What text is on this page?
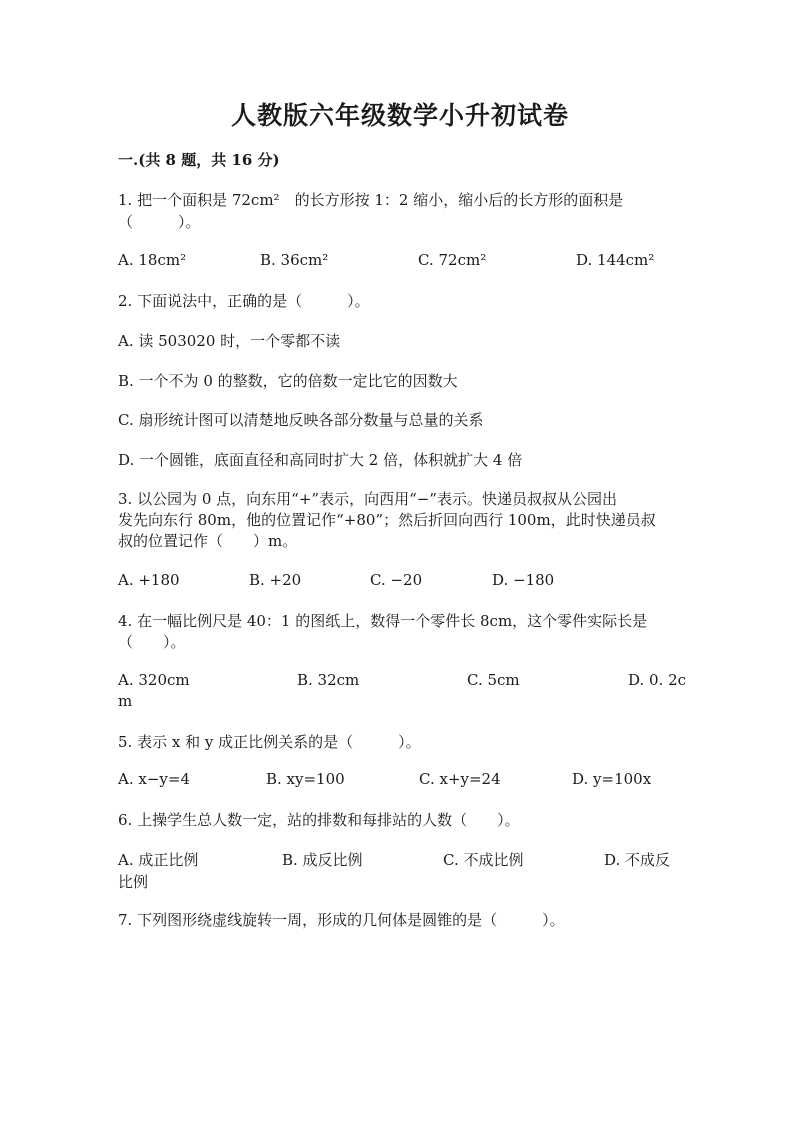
人教版六年级数学小升初试卷
一.(共 8 题，共 16 分)
1. 把一个面积是 72cm²　的长方形按 1：2 缩小，缩小后的长方形的面积是
（　　　）。
A. 18cm²	B. 36cm²	C. 72cm²	D. 144cm²
2. 下面说法中，正确的是（　　　）。
A. 读 503020 时，一个零都不读
B. 一个不为 0 的整数，它的倍数一定比它的因数大
C. 扇形统计图可以清楚地反映各部分数量与总量的关系
D. 一个圆锥，底面直径和高同时扩大 2 倍，体积就扩大 4 倍
3. 以公园为 0 点，向东用“+”表示，向西用“−”表示。快递员叔叔从公园出
发先向东行 80m，他的位置记作“+80”；然后折回向西行 100m，此时快递员叔
叔的位置记作（　　）m。
A. +180	B. +20	C. −20	D. −180
4. 在一幅比例尺是 40：1 的图纸上，数得一个零件长 8cm，这个零件实际长是
（　　）。
A. 320cm	B. 32cm	C. 5cm	D. 0. 2c
m
5. 表示 x 和 y 成正比例关系的是（　　　）。
A. x−y=4	B. xy=100	C. x+y=24	D. y=100x
6. 上操学生总人数一定，站的排数和每排站的人数（　　）。
A. 成正比例	B. 成反比例	C. 不成比例	D. 不成反
比例
7. 下列图形绕虚线旋转一周，形成的几何体是圆锥的是（　　　）。
